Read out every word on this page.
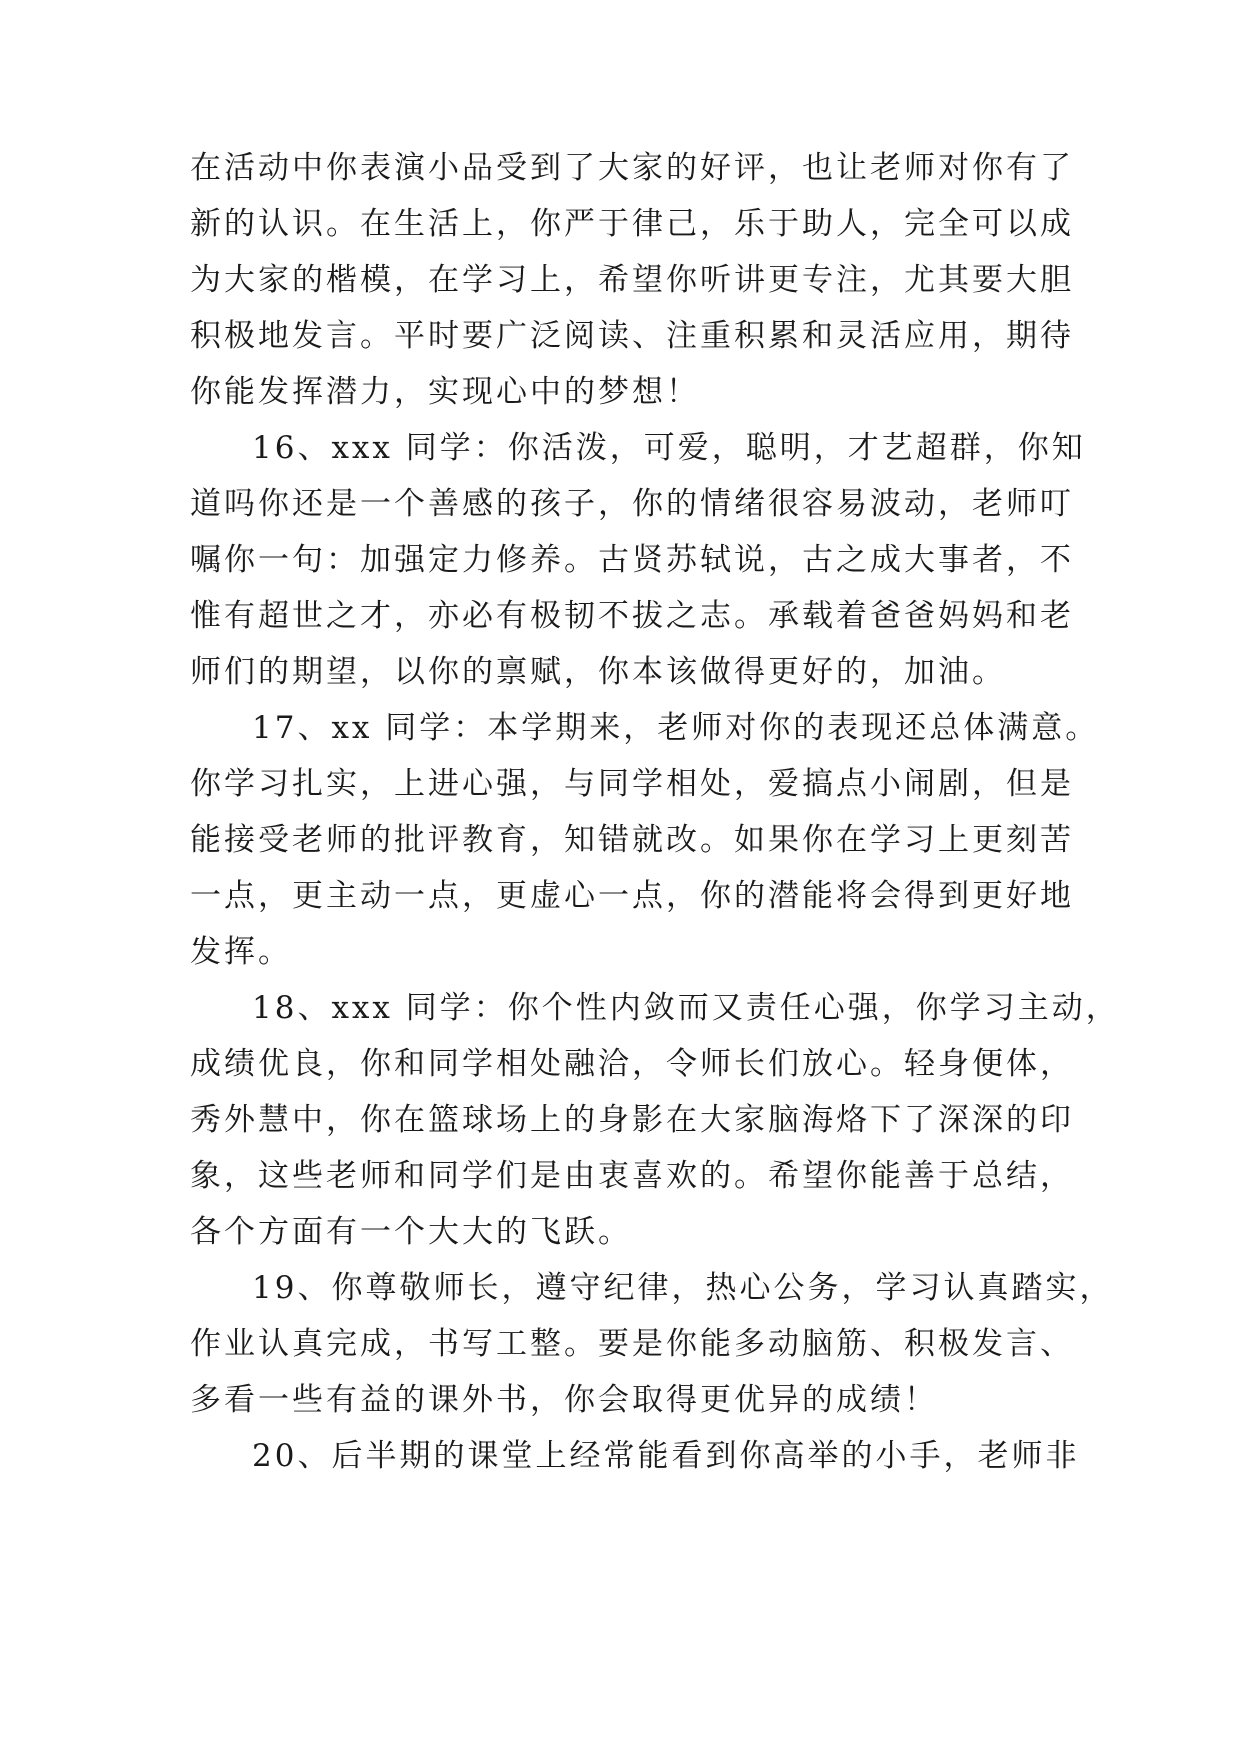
在活动中你表演小品受到了大家的好评，也让老师对你有了

新的认识。在生活上，你严于律己，乐于助人，完全可以成

为大家的楷模，在学习上，希望你听讲更专注，尤其要大胆

积极地发言。平时要广泛阅读、注重积累和灵活应用，期待

你能发挥潜力，实现心中的梦想！

16、xxx 同学：你活泼，可爱，聪明，才艺超群，你知

道吗你还是一个善感的孩子，你的情绪很容易波动，老师叮

嘱你一句：加强定力修养。古贤苏轼说，古之成大事者，不

惟有超世之才，亦必有极韧不拔之志。承载着爸爸妈妈和老

师们的期望，以你的禀赋，你本该做得更好的，加油。

17、xx 同学：本学期来，老师对你的表现还总体满意。

你学习扎实，上进心强，与同学相处，爱搞点小闹剧，但是

能接受老师的批评教育，知错就改。如果你在学习上更刻苦

一点，更主动一点，更虚心一点，你的潜能将会得到更好地

发挥。

18、xxx 同学：你个性内敛而又责任心强，你学习主动，

成绩优良，你和同学相处融洽，令师长们放心。轻身便体，

秀外慧中，你在篮球场上的身影在大家脑海烙下了深深的印

象，这些老师和同学们是由衷喜欢的。希望你能善于总结，

各个方面有一个大大的飞跃。

19、你尊敬师长，遵守纪律，热心公务，学习认真踏实，

作业认真完成，书写工整。要是你能多动脑筋、积极发言、

多看一些有益的课外书，你会取得更优异的成绩！

20、后半期的课堂上经常能看到你高举的小手，老师非
